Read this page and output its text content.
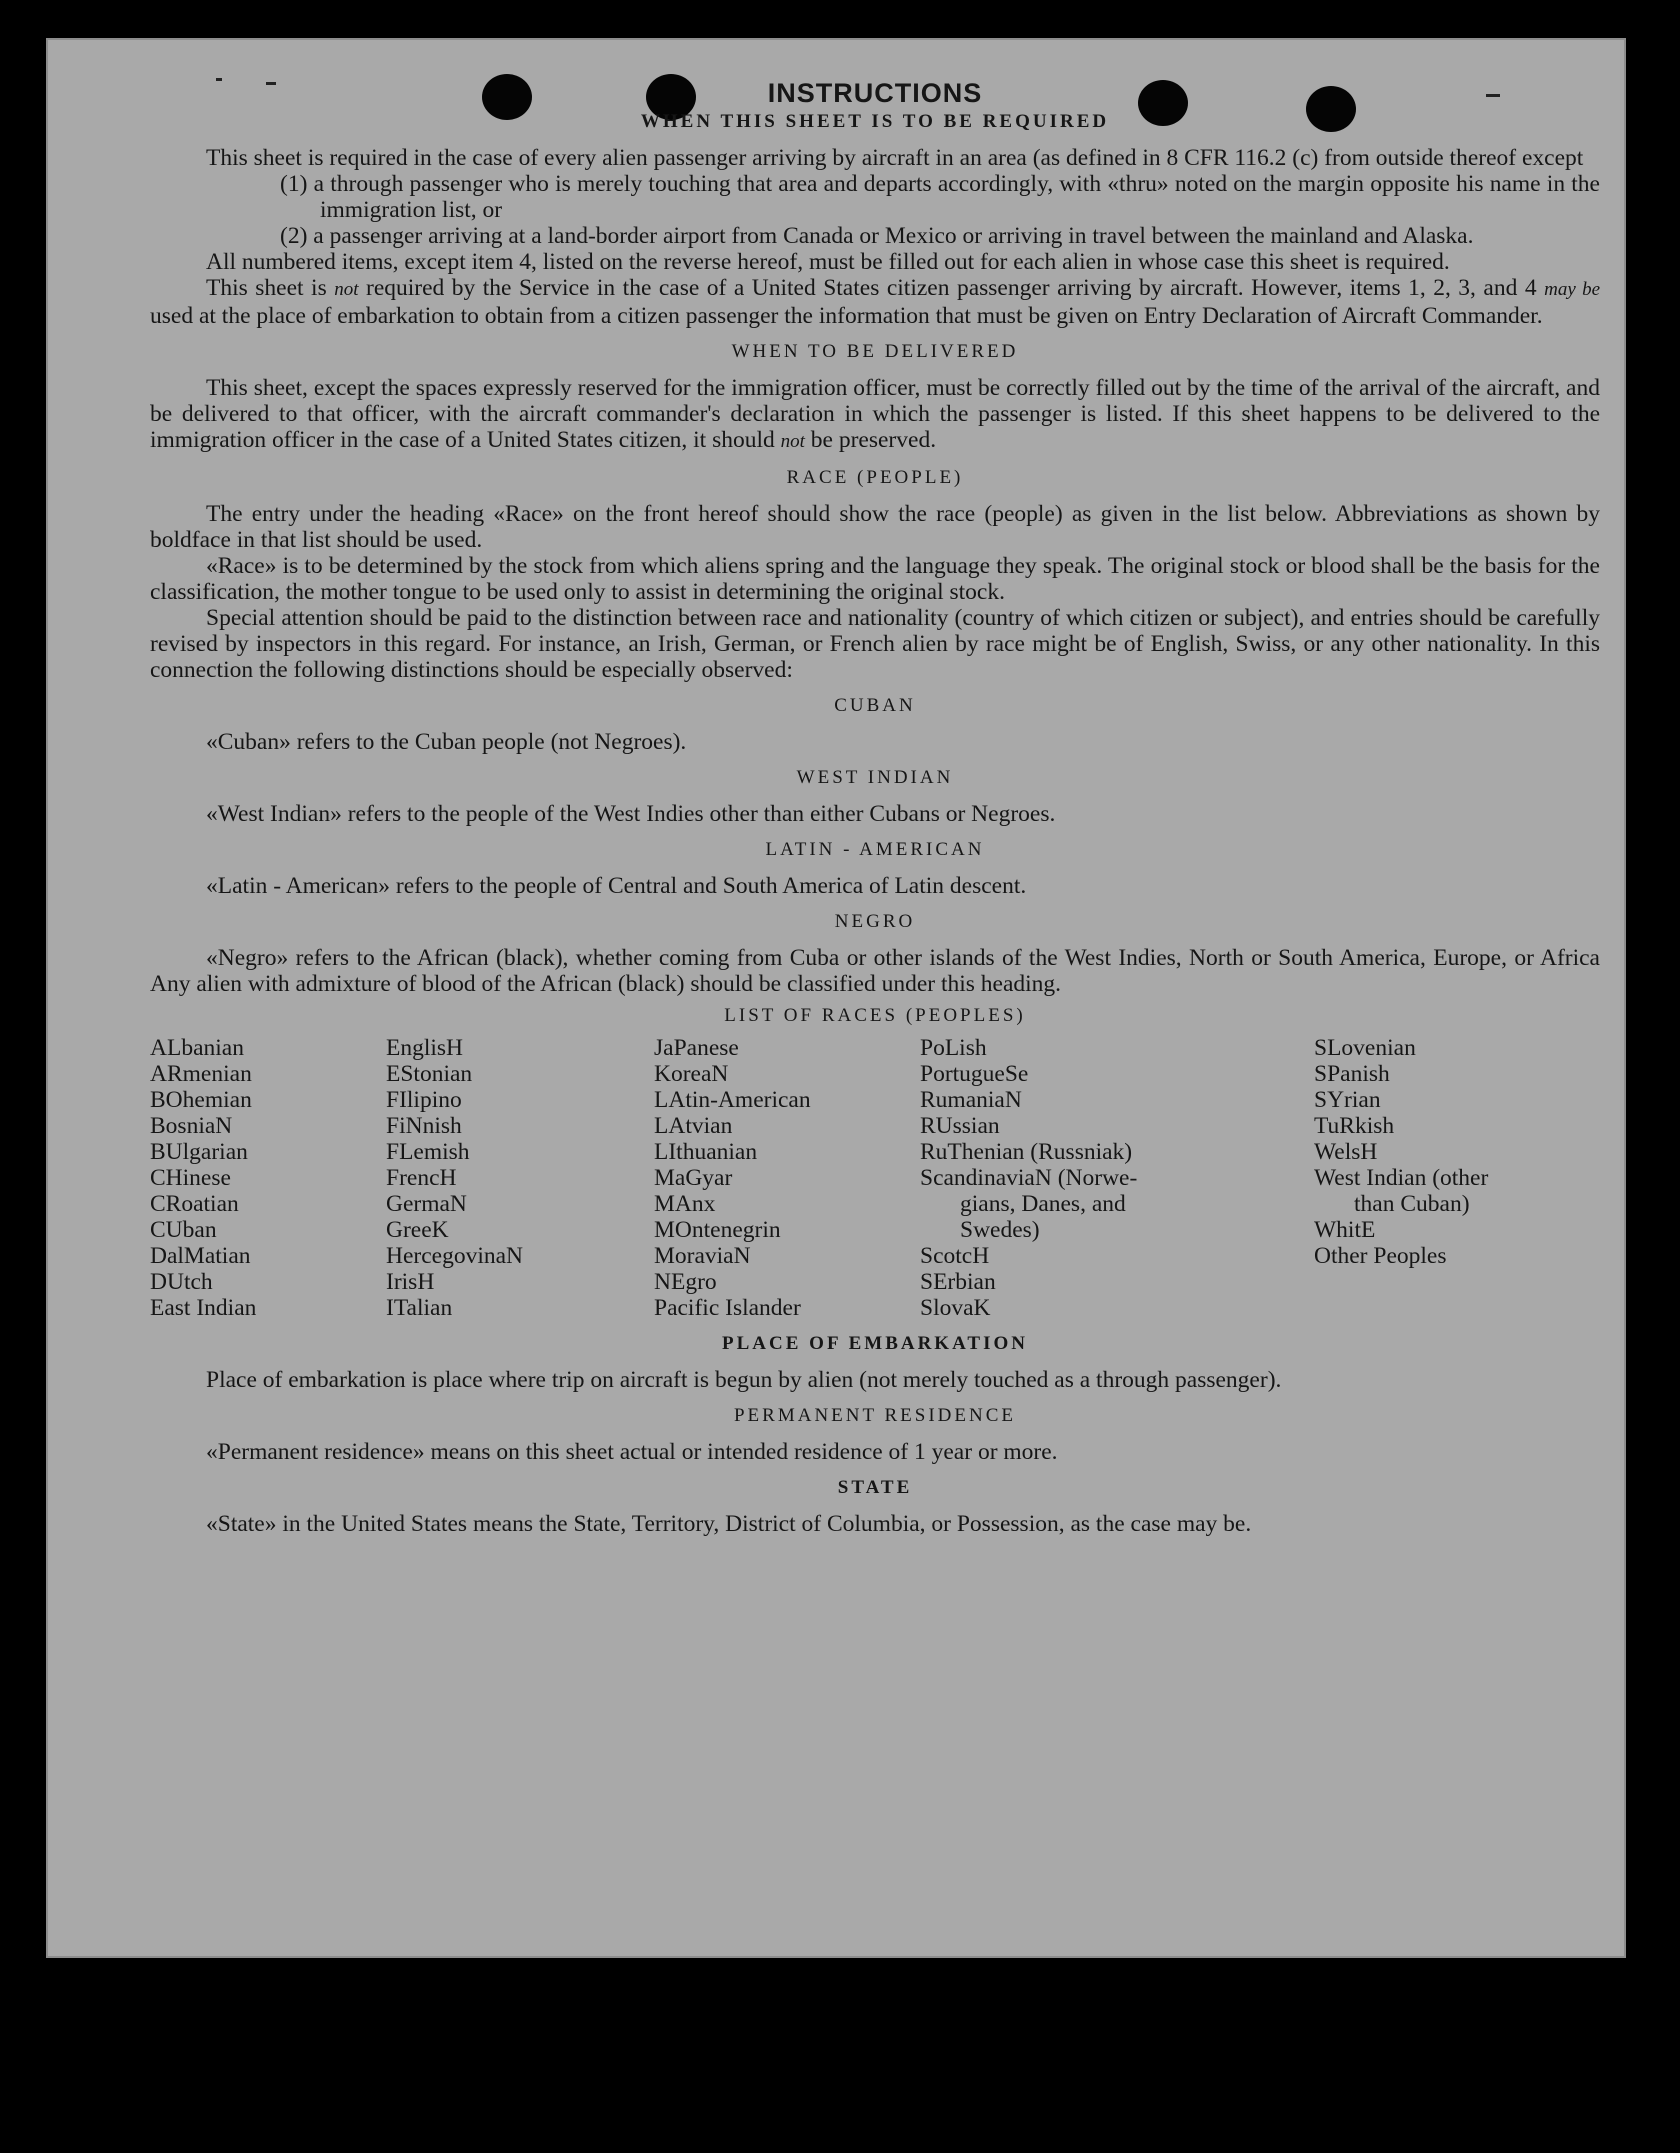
INSTRUCTIONS
WHEN THIS SHEET IS TO BE REQUIRED

This sheet is required in the case of every alien passenger arriving by aircraft in an area (as defined in 8 CFR 116.2 (c) from outside thereof except

(1) a through passenger who is merely touching that area and departs accordingly, with «thru» noted on the margin opposite his name in the immigration list, or

(2) a passenger arriving at a land-border airport from Canada or Mexico or arriving in travel between the mainland and Alaska.

All numbered items, except item 4, listed on the reverse hereof, must be filled out for each alien in whose case this sheet is required.

This sheet is not required by the Service in the case of a United States citizen passenger arriving by aircraft. However, items 1, 2, 3, and 4 may be used at the place of embarkation to obtain from a citizen passenger the information that must be given on Entry Declaration of Aircraft Commander.

WHEN TO BE DELIVERED

This sheet, except the spaces expressly reserved for the immigration officer, must be correctly filled out by the time of the arrival of the aircraft, and be delivered to that officer, with the aircraft commander's declaration in which the passenger is listed. If this sheet happens to be delivered to the immigration officer in the case of a United States citizen, it should not be preserved.

RACE (PEOPLE)

The entry under the heading «Race» on the front hereof should show the race (people) as given in the list below. Abbreviations as shown by boldface in that list should be used.

«Race» is to be determined by the stock from which aliens spring and the language they speak. The original stock or blood shall be the basis for the classification, the mother tongue to be used only to assist in determining the original stock.

Special attention should be paid to the distinction between race and nationality (country of which citizen or subject), and entries should be carefully revised by inspectors in this regard. For instance, an Irish, German, or French alien by race might be of English, Swiss, or any other nationality. In this connection the following distinctions should be especially observed:

CUBAN

«Cuban» refers to the Cuban people (not Negroes).

WEST INDIAN

«West Indian» refers to the people of the West Indies other than either Cubans or Negroes.

LATIN - AMERICAN

«Latin - American» refers to the people of Central and South America of Latin descent.

NEGRO

«Negro» refers to the African (black), whether coming from Cuba or other islands of the West Indies, North or South America, Europe, or Africa Any alien with admixture of blood of the African (black) should be classified under this heading.

LIST OF RACES (PEOPLES)
ALbanian
ARmenian
BOhemian
BosniaN
BUlgarian
CHinese
CRoatian
CUban
DalMatian
DUtch
East Indian
EnglisH
EStonian
FIlipino
FiNnish
FLemish
FrencH
GermaN
GreeK
HercegovinaN
IrisH
ITalian
JaPanese
KoreaN
LAtin-American
LAtvian
LIthuanian
MaGyar
MAnx
MOntenegrin
MoraviaN
NEgro
Pacific Islander
PoLish
PortugueSe
RumaniaN
RUssian
RuThenian (Russniak)
ScandinaviaN (Norwe-
gians, Danes, and
Swedes)
ScotcH
SErbian
SlovaK
SLovenian
SPanish
SYrian
TuRkish
WelsH
West Indian (other
than Cuban)
WhitE
Other Peoples
PLACE OF EMBARKATION

Place of embarkation is place where trip on aircraft is begun by alien (not merely touched as a through passenger).

PERMANENT RESIDENCE

«Permanent residence» means on this sheet actual or intended residence of 1 year or more.

STATE

«State» in the United States means the State, Territory, District of Columbia, or Possession, as the case may be.
